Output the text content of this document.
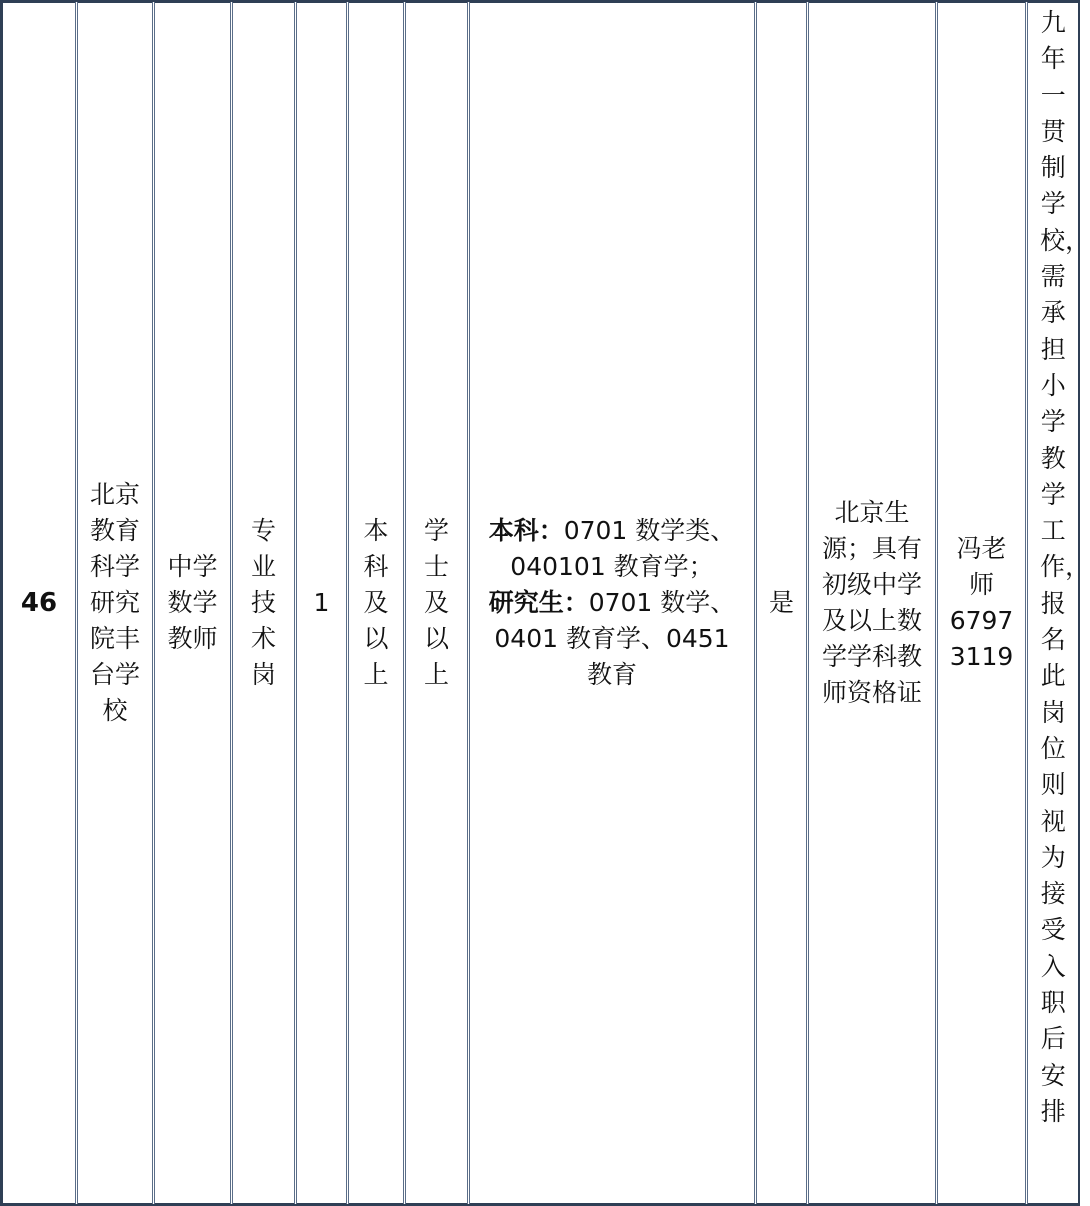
46	北京教育科学研究院丰台学校	中学数学教师	专业技术岗	1	本科及以上	学士及以上	
本科：0701 数学类、040101 教育学；
研究生：0701 数学、0401 教育学、0451 教育
	是	北京生源；具有初级中学及以上数学学科教师资格证	冯老师 6797 3119	九年一贯制学校，需承担小学教学工作，报名此岗位则视为接受入职后安排
